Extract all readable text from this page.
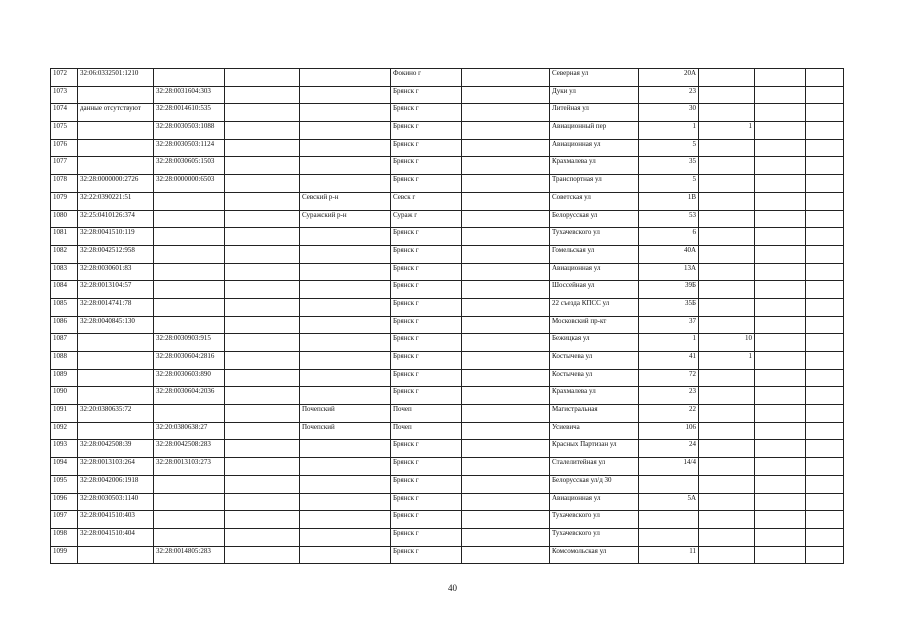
1072	32:06:0332501:1210				Фокино г		Северная ул	20А			
1073		32:28:0031604:303			Брянск г		Дуки ул	23			
1074	данные отсутствуют	32:28:0014610:535			Брянск г		Литейная ул	30			
1075		32:28:0030503:1088			Брянск г		Авиационный пер	1	1		
1076		32:28:0030503:1124			Брянск г		Авиационная ул	5			
1077		32:28:0030605:1503			Брянск г		Крахмалева ул	35			
1078	32:28:0000000:2726	32:28:0000000:6503			Брянск г		Транспортная ул	5			
1079	32:22:0390221:51			Севский р-н	Севск г		Советская ул	1В			
1080	32:25:0410126:374			Суражский р-н	Сураж г		Белорусская ул	53			
1081	32:28:0041510:119				Брянск г		Тухачевского ул	6			
1082	32:28:0042512:958				Брянск г		Гомельская ул	40А			
1083	32:28:0030601:83				Брянск г		Авиационная ул	13А			
1084	32:28:0013104:57				Брянск г		Шоссейная ул	39Б			
1085	32:28:0014741:78				Брянск г		22 съезда КПСС ул	35Б			
1086	32:28:0040845:130				Брянск г		Московский пр-кт	37			
1087		32:28:0030903:915			Брянск г		Бежицкая ул	1	10		
1088		32:28:0030604:2816			Брянск г		Костычева ул	41	1		
1089		32:28:0030603:890			Брянск г		Костычева ул	72			
1090		32:28:0030604:2036			Брянск г		Крахмалева ул	23			
1091	32:20:0380635:72			Почепский	Почеп		Магистральная	22			
1092		32:20:0380638:27		Почепский	Почеп		Усиевича	106			
1093	32:28:0042508:39	32:28:0042508:283			Брянск г		Красных Партизан ул	24			
1094	32:28:0013103:264	32:28:0013103:273			Брянск г		Сталелитейная ул	14/4			
1095	32:28:0042006:1918				Брянск г		Белорусская ул/д 30				
1096	32:28:0030503:1140				Брянск г		Авиационная ул	5А			
1097	32:28:0041510:403				Брянск г		Тухачевского ул				
1098	32:28:0041510:404				Брянск г		Тухачевского ул				
1099		32:28:0014805:283			Брянск г		Комсомольская ул	11			
40
